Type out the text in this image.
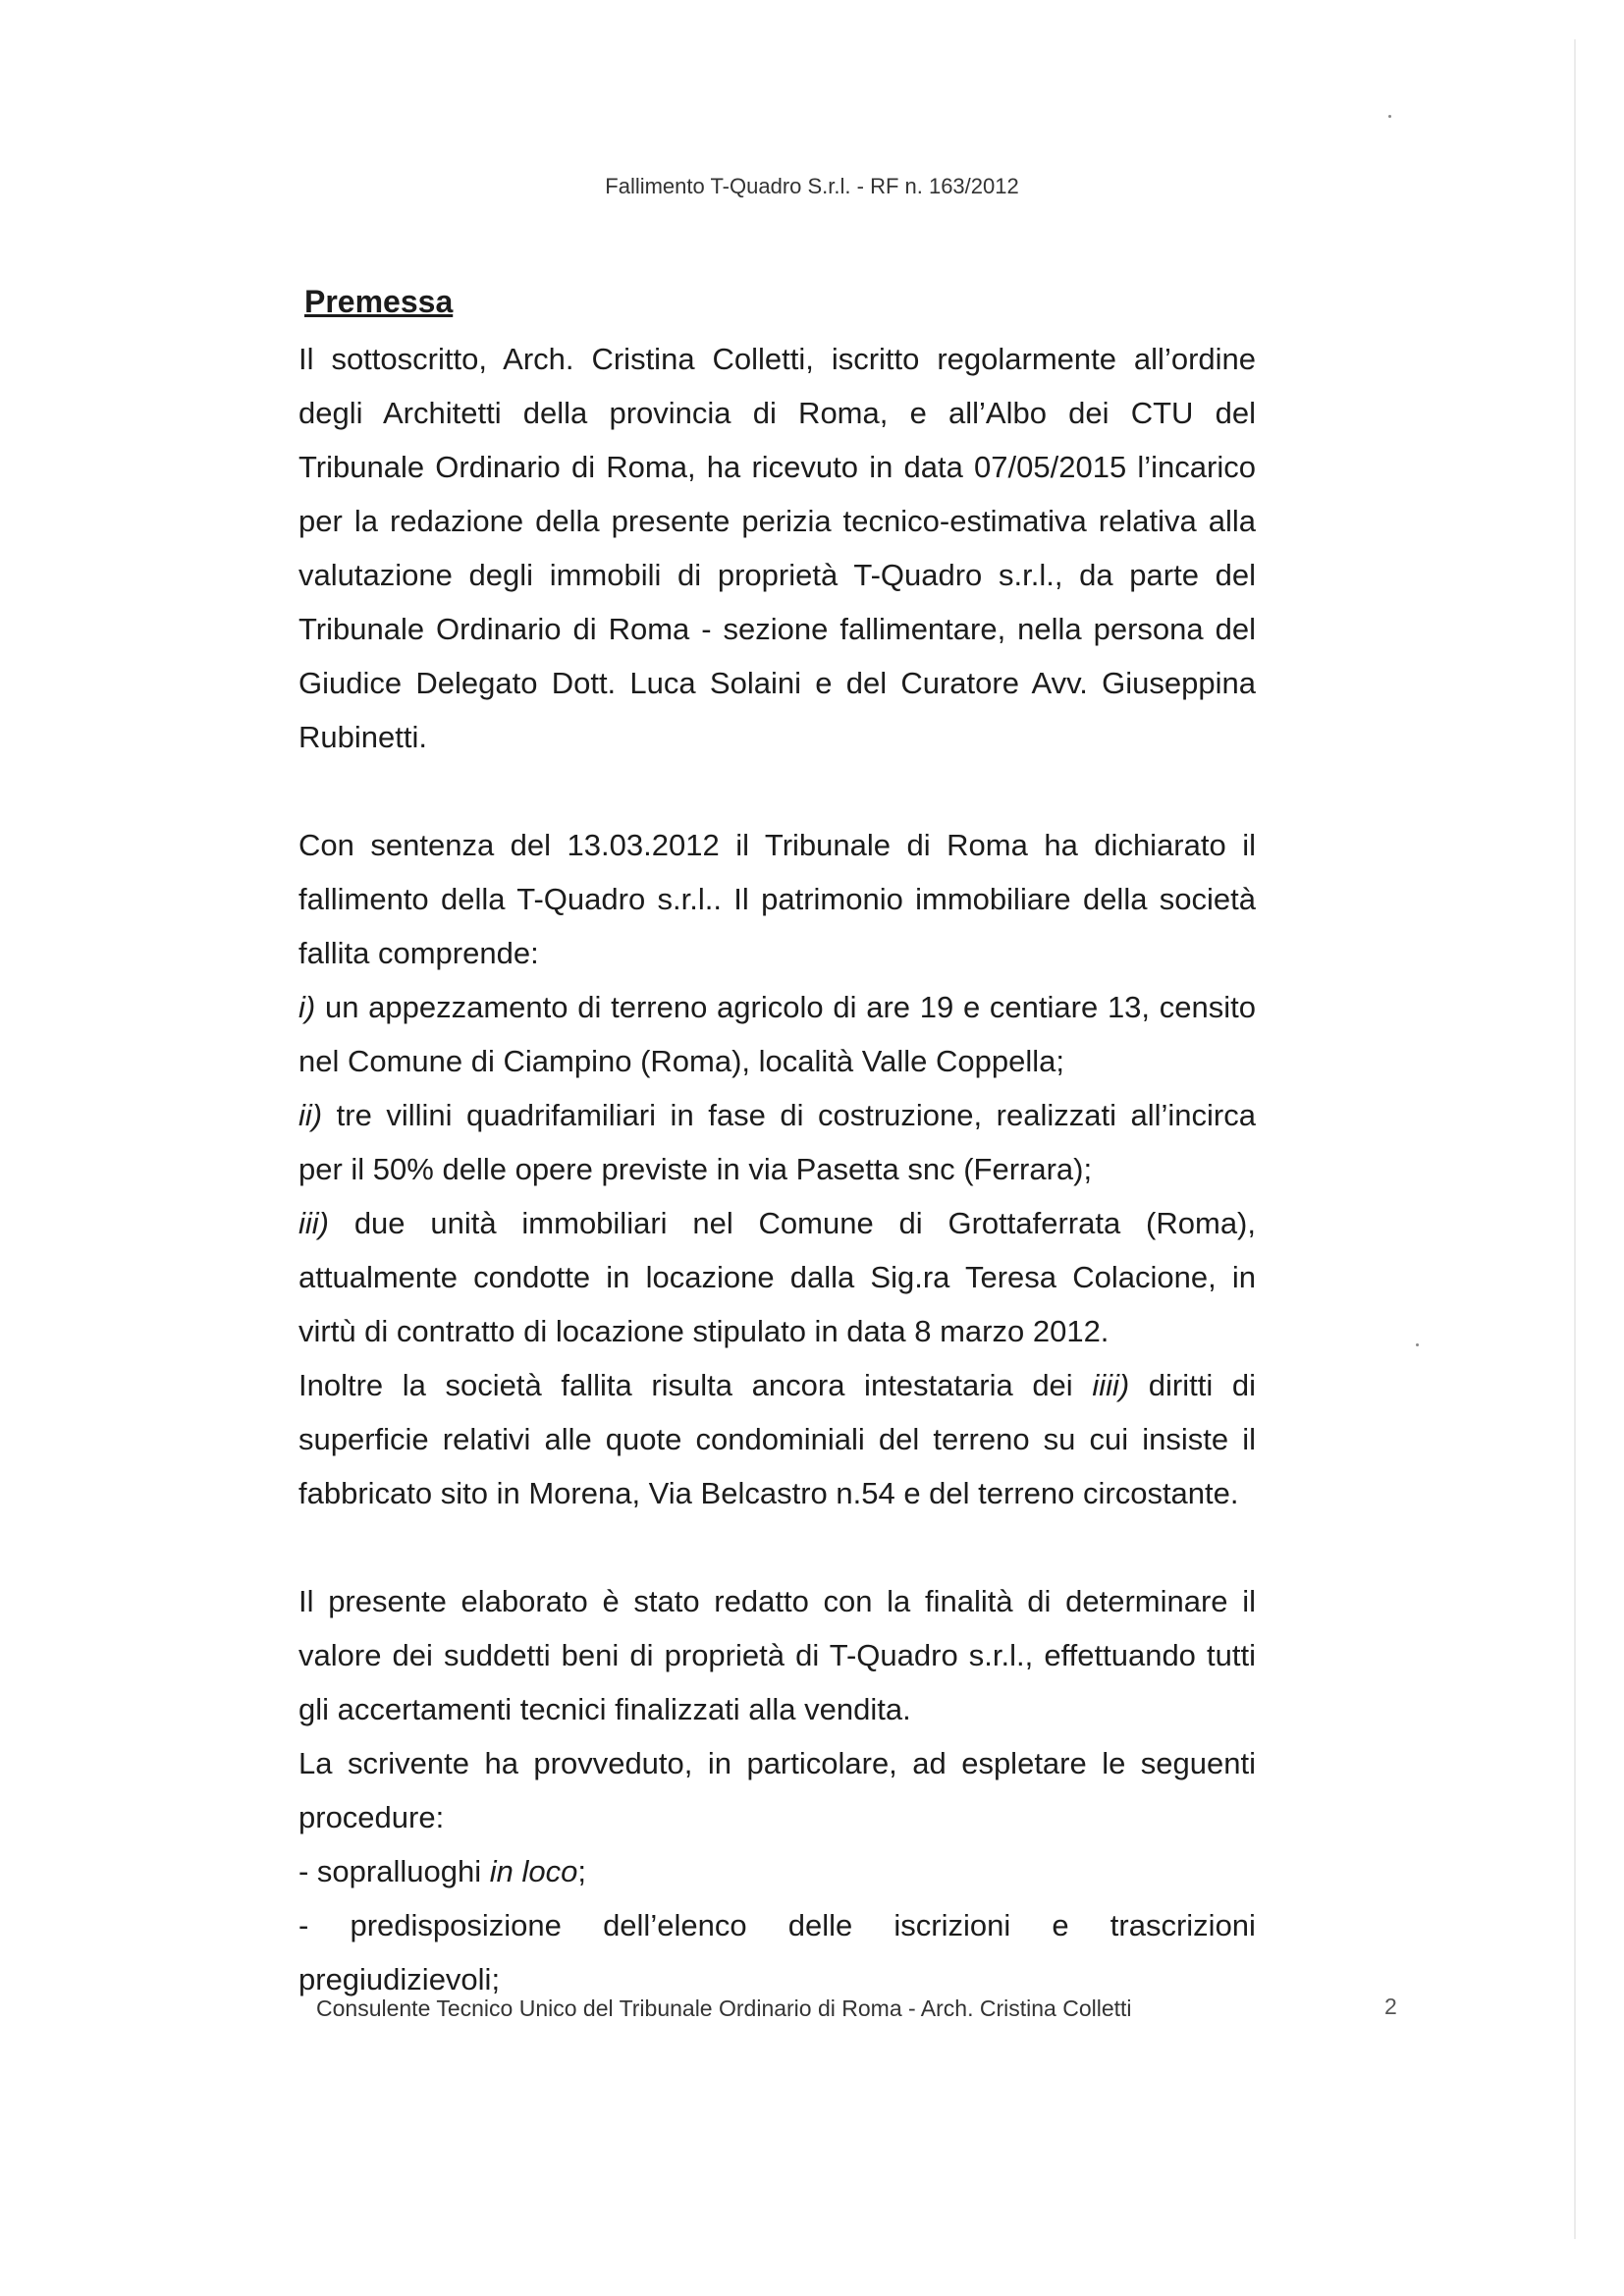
Fallimento T-Quadro S.r.l. - RF n. 163/2012
Premessa

Il sottoscritto, Arch. Cristina Colletti, iscritto regolarmente all’ordine degli Architetti della provincia di Roma, e all’Albo dei CTU del Tribunale Ordinario di Roma, ha ricevuto in data 07/05/2015 l’incarico per la redazione della presente perizia tecnico-estimativa relativa alla valutazione degli immobili di proprietà T-Quadro s.r.l., da parte del Tribunale Ordinario di Roma - sezione fallimentare, nella persona del Giudice Delegato Dott. Luca Solaini e del Curatore Avv. Giuseppina Rubinetti.

Con sentenza del 13.03.2012 il Tribunale di Roma ha dichiarato il fallimento della T-Quadro s.r.l.. Il patrimonio immobiliare della società fallita comprende:

i) un appezzamento di terreno agricolo di are 19 e centiare 13, censito nel Comune di Ciampino (Roma), località Valle Coppella;

ii) tre villini quadrifamiliari in fase di costruzione, realizzati all’incirca per il 50% delle opere previste in via Pasetta snc (Ferrara);

iii) due unità immobiliari nel Comune di Grottaferrata (Roma), attualmente condotte in locazione dalla Sig.ra Teresa Colacione, in virtù di contratto di locazione stipulato in data 8 marzo 2012.

Inoltre la società fallita risulta ancora intestataria dei iiii) diritti di superficie relativi alle quote condominiali del terreno su cui insiste il fabbricato sito in Morena, Via Belcastro n.54 e del terreno circostante.

Il presente elaborato è stato redatto con la finalità di determinare il valore dei suddetti beni di proprietà di T-Quadro s.r.l., effettuando tutti gli accertamenti tecnici finalizzati alla vendita.

La scrivente ha provveduto, in particolare, ad espletare le seguenti procedure:

- sopralluoghi in loco;

- predisposizione dell’elenco delle iscrizioni e trascrizioni

pregiudizievoli;

Consulente Tecnico Unico del Tribunale Ordinario di Roma - Arch. Cristina Colletti	2
